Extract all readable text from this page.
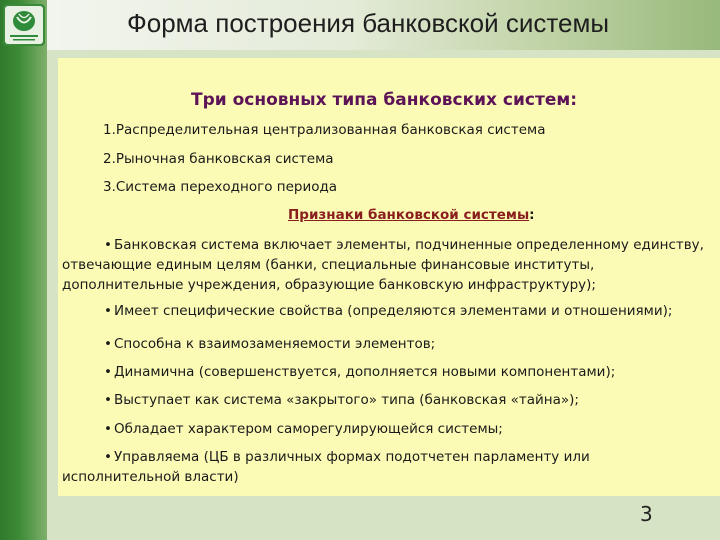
Форма построения банковской системы
Три основных типа банковских систем:
1.Распределительная централизованная банковская система
2.Рыночная банковская система
3.Система переходного периода
Признаки банковской системы:
• Банковская система включает элементы, подчиненные определенному единству, отвечающие единым целям (банки, специальные финансовые институты, дополнительные учреждения, образующие банковскую инфраструктуру);
• Имеет специфические свойства (определяются элементами и отношениями);
• Способна к взаимозаменяемости элементов;
• Динамична (совершенствуется, дополняется новыми компонентами);
• Выступает как система «закрытого» типа (банковская «тайна»);
• Обладает характером саморегулирующейся системы;
• Управляема (ЦБ в различных формах подотчетен парламенту или исполнительной власти)
3
